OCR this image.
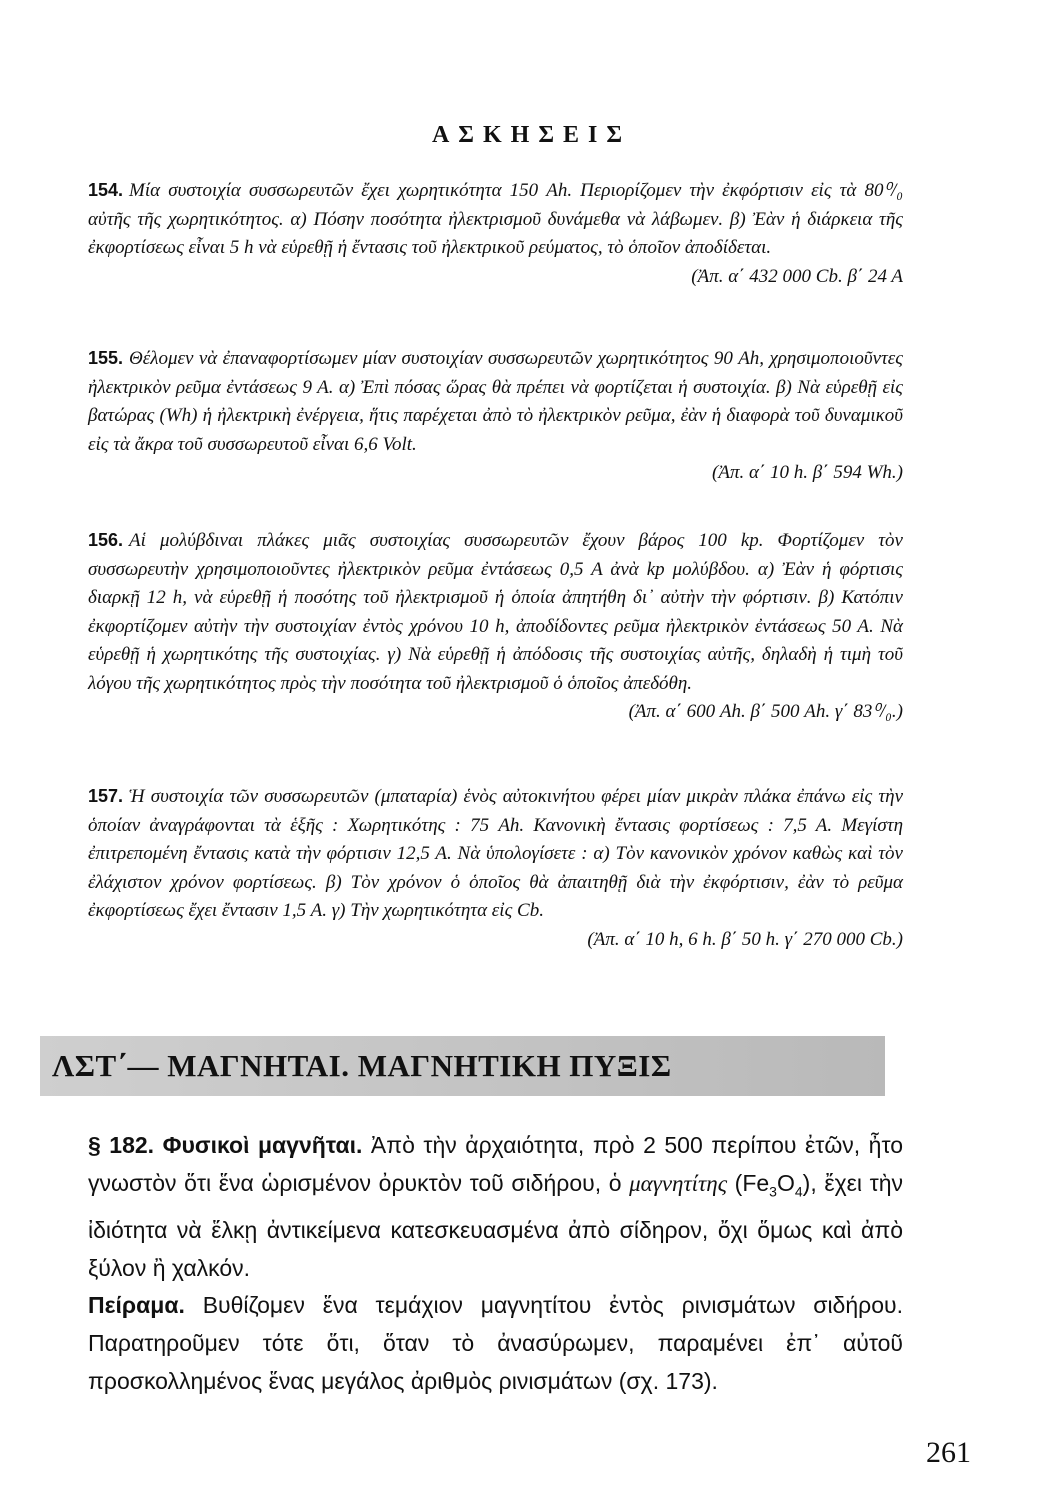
ΑΣΚΗΣΕΙΣ
154. Μία συστοιχία συσσωρευτῶν ἔχει χωρητικότητα 150 Ah. Περιορίζομεν τὴν ἐκφόρτισιν εἰς τὰ 80⁰/₀ αὐτῆς τῆς χωρητικότητος. α) Πόσην ποσότητα ἠλεκτρισμοῦ δυνάμεθα νὰ λάβωμεν. β) Ἐὰν ἡ διάρκεια τῆς ἐκφορτίσεως εἶναι 5 h νὰ εὑρεθῇ ἡ ἔντασις τοῦ ἠλεκτρικοῦ ρεύματος, τὸ ὁποῖον ἀποδίδεται.
(Ἀπ. α΄ 432 000 Cb. β΄ 24 Α
155. Θέλομεν νὰ ἐπαναφορτίσωμεν μίαν συστοιχίαν συσσωρευτῶν χωρητικότητος 90 Ah, χρησιμοποιοῦντες ἠλεκτρικὸν ρεῦμα ἐντάσεως 9 Α. α) Ἐπὶ πόσας ὥρας θὰ πρέπει νὰ φορτίζεται ἡ συστοιχία. β) Νὰ εὑρεθῇ εἰς βατώρας (Wh) ἡ ἠλεκτρικὴ ἐνέργεια, ἥτις παρέχεται ἀπὸ τὸ ἠλεκτρικὸν ρεῦμα, ἐὰν ἡ διαφορὰ τοῦ δυναμικοῦ εἰς τὰ ἄκρα τοῦ συσσωρευτοῦ εἶναι 6,6 Volt.
(Ἀπ. α΄ 10 h. β΄ 594 Wh.)
156. Αἱ μολύβδιναι πλάκες μιᾶς συστοιχίας συσσωρευτῶν ἔχουν βάρος 100 kp. Φορτίζομεν τὸν συσσωρευτὴν χρησιμοποιοῦντες ἠλεκτρικὸν ρεῦμα ἐντάσεως 0,5 Α ἀνὰ kp μολύβδου. α) Ἐὰν ἡ φόρτισις διαρκῇ 12 h, νὰ εὑρεθῇ ἡ ποσότης τοῦ ἠλεκτρισμοῦ ἡ ὁποία ἀπητήθη δι᾽ αὐτὴν τὴν φόρτισιν. β) Κατόπιν ἐκφορτίζομεν αὐτὴν τὴν συστοιχίαν ἐντὸς χρόνου 10 h, ἀποδίδοντες ρεῦμα ἠλεκτρικὸν ἐντάσεως 50 Α. Νὰ εὑρεθῇ ἡ χωρητικότης τῆς συστοιχίας. γ) Νὰ εὑρεθῇ ἡ ἀπόδοσις τῆς συστοιχίας αὐτῆς, δηλαδὴ ἡ τιμὴ τοῦ λόγου τῆς χωρητικότητος πρὸς τὴν ποσότητα τοῦ ἠλεκτρισμοῦ ὁ ὁποῖος ἀπεδόθη.
(Ἀπ. α΄ 600 Ah. β΄ 500 Ah. γ΄ 83⁰/₀.)
157. Ἡ συστοιχία τῶν συσσωρευτῶν (μπαταρία) ἑνὸς αὐτοκινήτου φέρει μίαν μικρὰν πλάκα ἐπάνω εἰς τὴν ὁποίαν ἀναγράφονται τὰ ἑξῆς : Χωρητικότης : 75 Ah. Κανονικὴ ἔντασις φορτίσεως : 7,5 Α. Μεγίστη ἐπιτρεπομένη ἔντασις κατὰ τὴν φόρτισιν 12,5 Α. Νὰ ὑπολογίσετε : α) Τὸν κανονικὸν χρόνον καθὼς καὶ τὸν ἐλάχιστον χρόνον φορτίσεως. β) Τὸν χρόνον ὁ ὁποῖος θὰ ἀπαιτηθῇ διὰ τὴν ἐκφόρτισιν, ἐὰν τὸ ρεῦμα ἐκφορτίσεως ἔχει ἔντασιν 1,5 Α. γ) Τὴν χωρητικότητα εἰς Cb.
(Ἀπ. α΄ 10 h, 6 h. β΄ 50 h. γ΄ 270 000 Cb.)
ΛΣΤ΄— ΜΑΓΝΗΤΑΙ. ΜΑΓΝΗΤΙΚΗ ΠΥΞΙΣ
§ 182. Φυσικοὶ μαγνῆται. Ἀπὸ τὴν ἀρχαιότητα, πρὸ 2 500 περίπου ἐτῶν, ἦτο γνωστὸν ὅτι ἕνα ὡρισμένον ὀρυκτὸν τοῦ σιδήρου, ὁ μαγνητίτης $(Fe_3O_4)$, ἔχει τὴν ἰδιότητα νὰ ἕλκῃ ἀντικείμενα κατεσκευασμένα ἀπὸ σίδηρον, ὄχι ὅμως καὶ ἀπὸ ξύλον ἢ χαλκόν.
Πείραμα. Βυθίζομεν ἕνα τεμάχιον μαγνητίτου ἐντὸς ρινισμάτων σιδήρου. Παρατηροῦμεν τότε ὅτι, ὅταν τὸ ἀνασύρωμεν, παραμένει ἐπ᾽ αὐτοῦ προσκολλημένος ἕνας μεγάλος ἀριθμὸς ρινισμάτων (σχ. 173).
261
